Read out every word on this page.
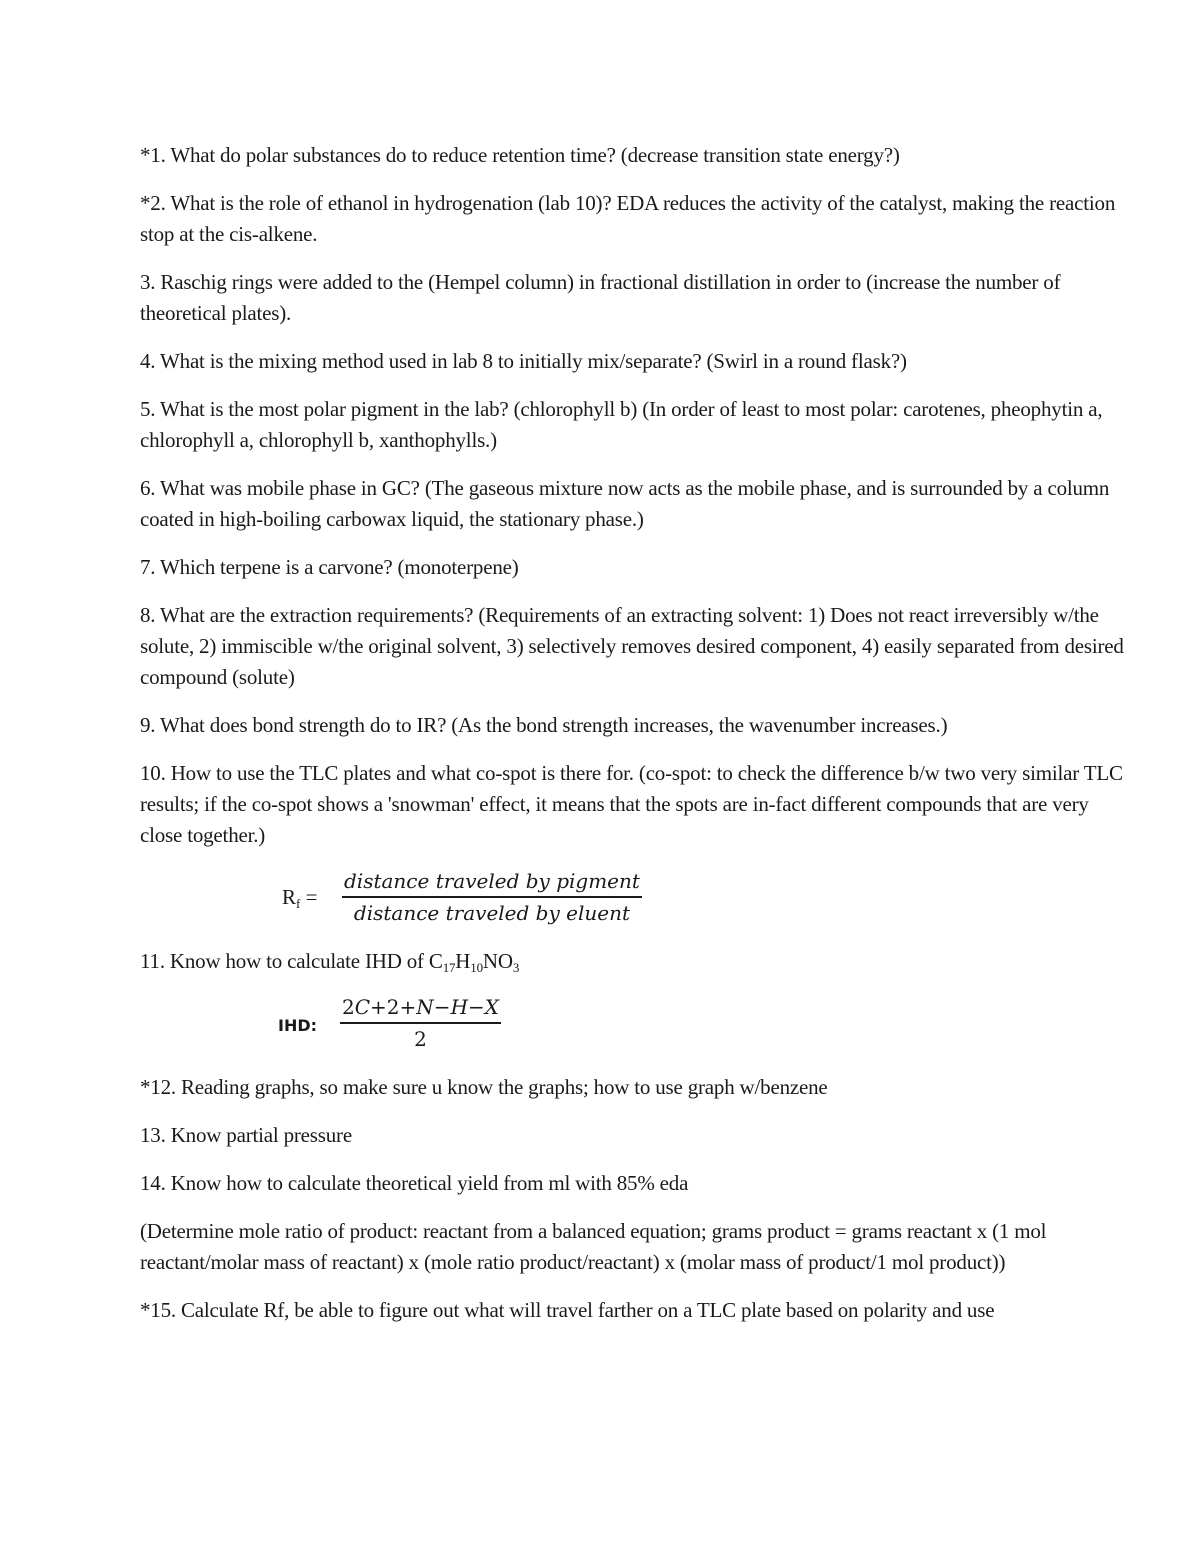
*1. What do polar substances do to reduce retention time? (decrease transition state energy?)

*2. What is the role of ethanol in hydrogenation (lab 10)? EDA reduces the activity of the catalyst, making the reaction stop at the cis-alkene.

3. Raschig rings were added to the (Hempel column) in fractional distillation in order to (increase the number of theoretical plates).

4. What is the mixing method used in lab 8 to initially mix/separate? (Swirl in a round flask?)

5. What is the most polar pigment in the lab? (chlorophyll b) (In order of least to most polar: carotenes, pheophytin a, chlorophyll a, chlorophyll b, xanthophylls.)

6. What was mobile phase in GC? (The gaseous mixture now acts as the mobile phase, and is surrounded by a column coated in high-boiling carbowax liquid, the stationary phase.)

7. Which terpene is a carvone? (monoterpene)

8. What are the extraction requirements? (Requirements of an extracting solvent: 1) Does not react irreversibly w/the solute, 2) immiscible w/the original solvent, 3) selectively removes desired component, 4) easily separated from desired compound (solute)

9. What does bond strength do to IR? (As the bond strength increases, the wavenumber increases.)

10. How to use the TLC plates and what co-spot is there for. (co-spot: to check the difference b/w two very similar TLC results; if the co-spot shows a 'snowman' effect, it means that the spots are in-fact different compounds that are very close together.)

$R_f$ =
distance traveled by pigment
distance traveled by eluent

11. Know how to calculate IHD of $C_{17}H_{10}NO_3$

IHD: $\frac{2C+2+N-H-X}{2}$

*12. Reading graphs, so make sure u know the graphs; how to use graph w/benzene

13. Know partial pressure

14. Know how to calculate theoretical yield from ml with 85% eda

(Determine mole ratio of product: reactant from a balanced equation; grams product = grams reactant x (1 mol reactant/molar mass of reactant) x (mole ratio product/reactant) x (molar mass of product/1 mol product))

*15. Calculate Rf, be able to figure out what will travel farther on a TLC plate based on polarity and use
